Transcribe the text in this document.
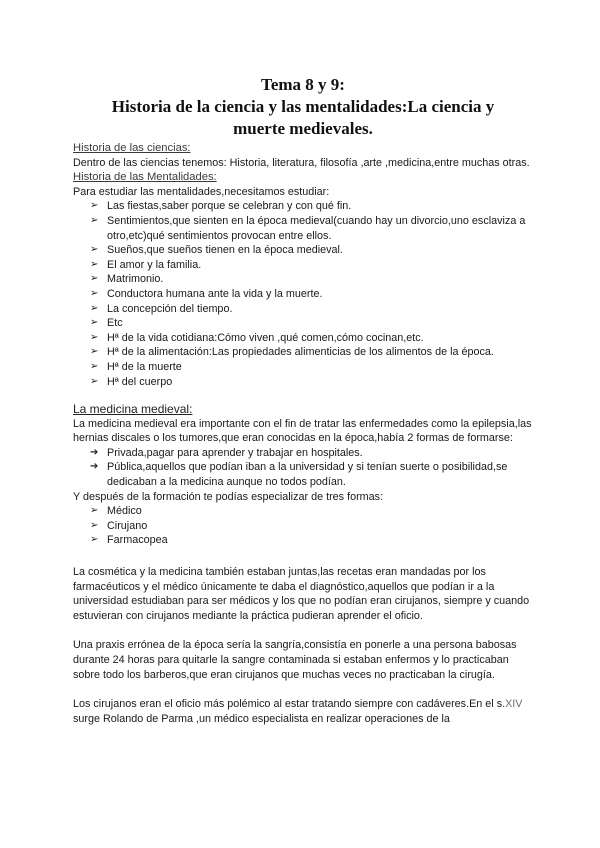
Tema 8 y 9:
Historia de la ciencia y las mentalidades:La ciencia y
muerte medievales.
Historia de las ciencias:

Dentro de las ciencias tenemos: Historia, literatura, filosofía ,arte ,medicina,entre muchas otras.

Historia de las Mentalidades:

Para estudiar las mentalidades,necesitamos estudiar:

➢ Las fiestas,saber porque se celebran y con qué fin.
➢ Sentimientos,que sienten en la época medieval(cuando hay un divorcio,uno esclaviza a otro,etc)qué sentimientos provocan entre ellos.
➢ Sueños,que sueños tienen en la época medieval.
➢ El amor y la familia.
➢ Matrimonio.
➢ Conductora humana ante la vida y la muerte.
➢ La concepción del tiempo.
➢ Etc
➢ Hª de la vida cotidiana:Cómo viven ,qué comen,cómo cocinan,etc.
➢ Hª de la alimentación:Las propiedades alimenticias de los alimentos de la época.
➢ Hª de la muerte
➢ Hª del cuerpo
La medicina medieval:

La medicina medieval era importante con el fin de tratar las enfermedades como la epilepsia,las hernias discales o los tumores,que eran conocidas en la época,había 2 formas de formarse:

➔ Privada,pagar para aprender y trabajar en hospitales.
➔ Pública,aquellos que podían iban a la universidad y si tenían suerte o posibilidad,se dedicaban a la medicina aunque no todos podían.

Y después de la formación te podías especializar de tres formas:

➢ Médico
➢ Cirujano
➢ Farmacopea

La cosmética y la medicina también estaban juntas,las recetas eran mandadas por los farmacéuticos y el médico únicamente te daba el diagnóstico,aquellos que podían ir a la universidad estudiaban para ser médicos y los que no podían eran cirujanos, siempre y cuando estuvieran con cirujanos mediante la práctica pudieran aprender el oficio.

Una praxis errónea de la época sería la sangría,consistía en ponerle a una persona babosas durante 24 horas para quitarle la sangre contaminada si estaban enfermos y lo practicaban sobre todo los barberos,que eran cirujanos que muchas veces no practicaban la cirugía.

Los cirujanos eran el oficio más polémico al estar tratando siempre con cadáveres.En el s.XIV surge Rolando de Parma ,un médico especialista en realizar operaciones de la
